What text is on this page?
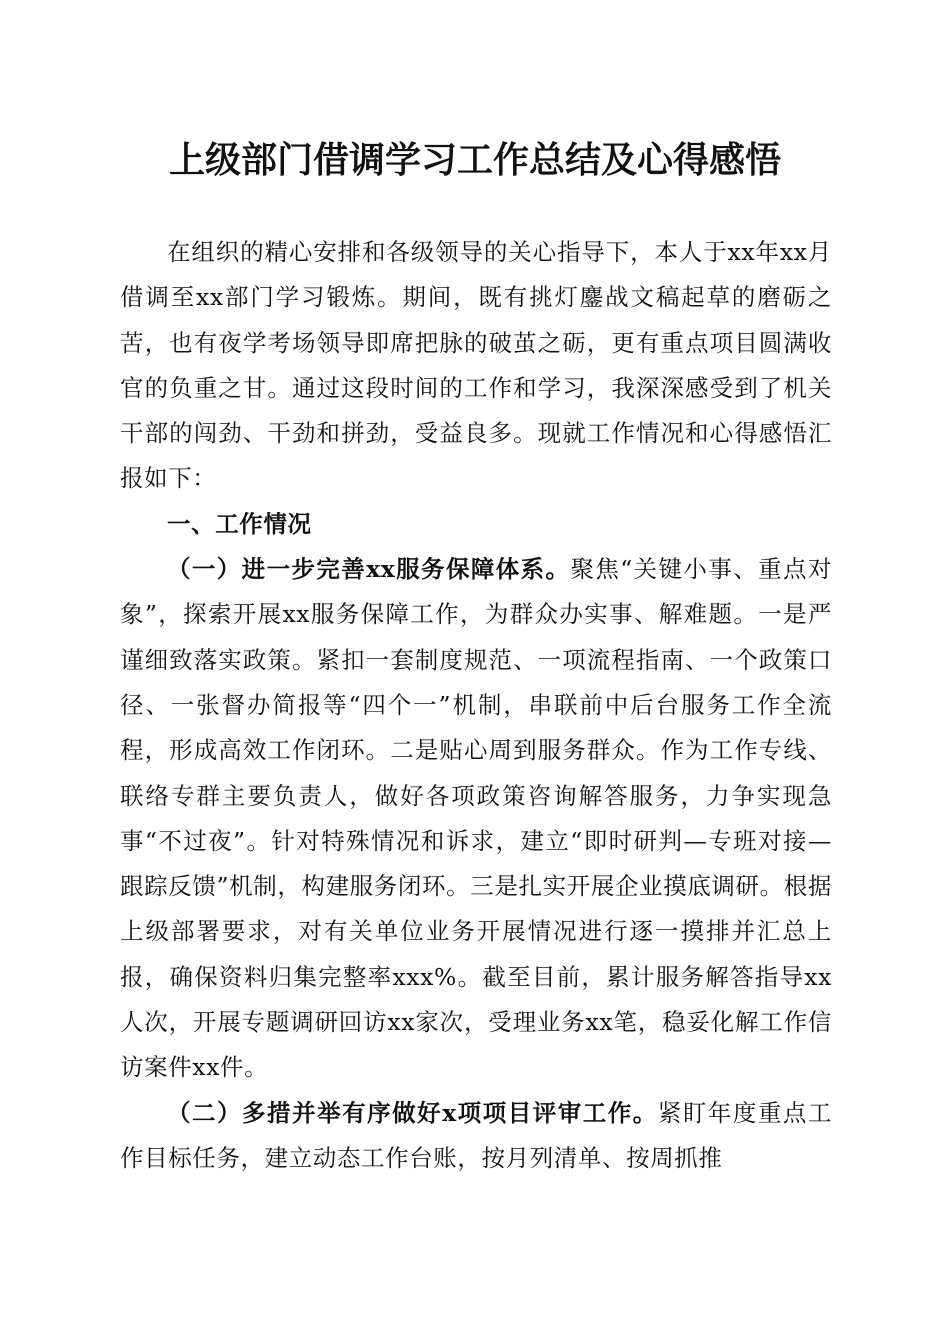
上级部门借调学习工作总结及心得感悟

在组织的精心安排和各级领导的关心指导下，本人于xx年xx月借调至xx部门学习锻炼。期间，既有挑灯鏖战文稿起草的磨砺之苦，也有夜学考场领导即席把脉的破茧之砺，更有重点项目圆满收官的负重之甘。通过这段时间的工作和学习，我深深感受到了机关干部的闯劲、干劲和拼劲，受益良多。现就工作情况和心得感悟汇报如下：

一、工作情况

（一）进一步完善xx服务保障体系。聚焦“关键小事、重点对象”，探索开展xx服务保障工作，为群众办实事、解难题。一是严谨细致落实政策。紧扣一套制度规范、一项流程指南、一个政策口径、一张督办简报等“四个一”机制，串联前中后台服务工作全流程，形成高效工作闭环。二是贴心周到服务群众。作为工作专线、联络专群主要负责人，做好各项政策咨询解答服务，力争实现急事“不过夜”。针对特殊情况和诉求，建立“即时研判—专班对接—跟踪反馈”机制，构建服务闭环。三是扎实开展企业摸底调研。根据上级部署要求，对有关单位业务开展情况进行逐一摸排并汇总上报，确保资料归集完整率xxx%。截至目前，累计服务解答指导xx人次，开展专题调研回访xx家次，受理业务xx笔，稳妥化解工作信访案件xx件。

（二）多措并举有序做好x项项目评审工作。紧盯年度重点工作目标任务，建立动态工作台账，按月列清单、按周抓推
